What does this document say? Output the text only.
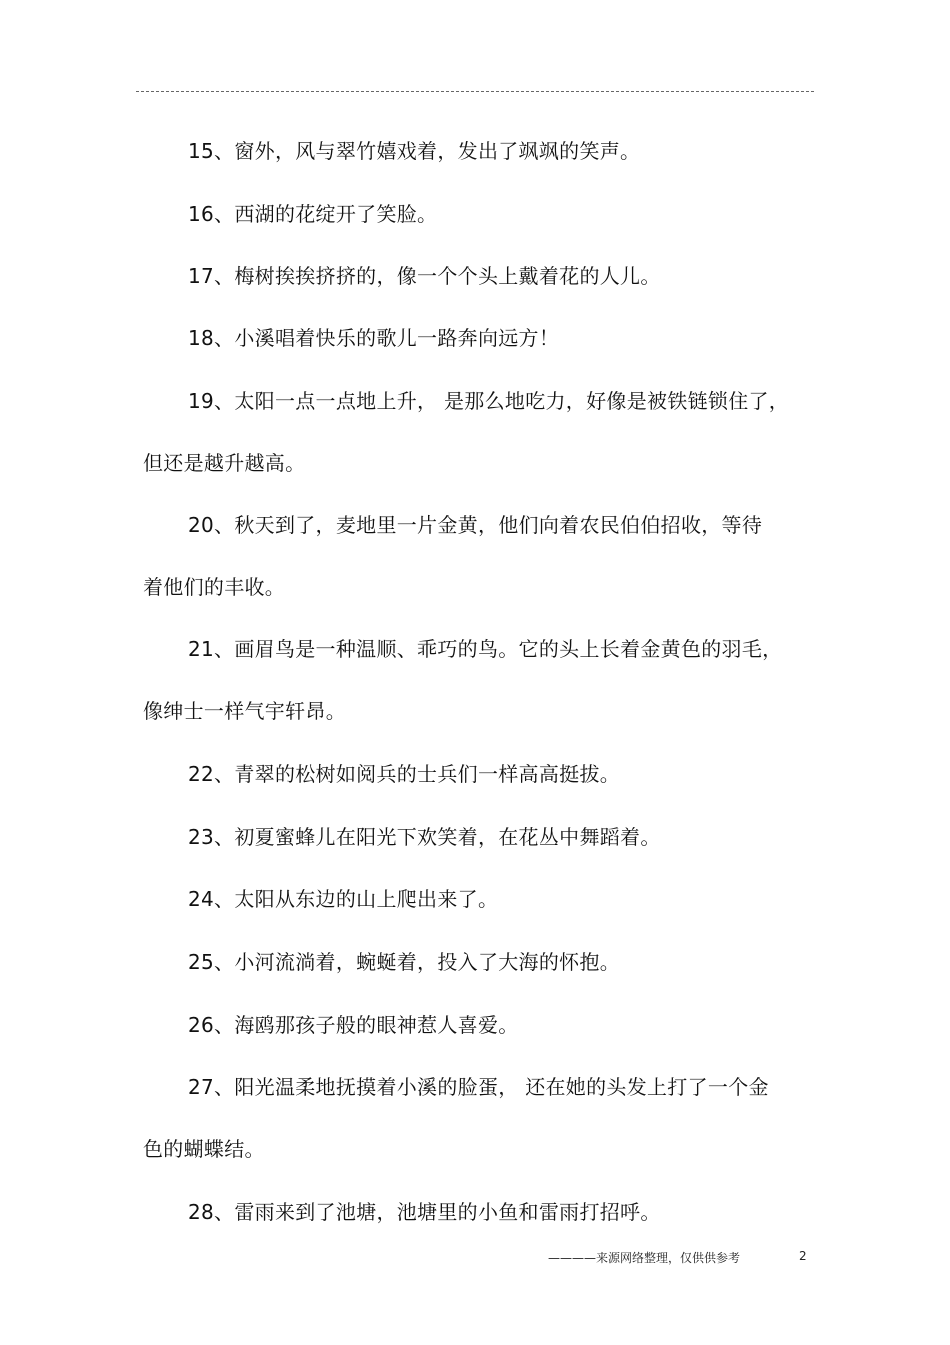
15、窗外，风与翠竹嬉戏着，发出了飒飒的笑声。
16、西湖的花绽开了笑脸。
17、梅树挨挨挤挤的，像一个个头上戴着花的人儿。
18、小溪唱着快乐的歌儿一路奔向远方！
19、太阳一点一点地上升， 是那么地吃力，好像是被铁链锁住了，
但还是越升越高。
20、秋天到了，麦地里一片金黄，他们向着农民伯伯招收，等待
着他们的丰收。
21、画眉鸟是一种温顺、乖巧的鸟。它的头上长着金黄色的羽毛，
像绅士一样气宇轩昂。
22、青翠的松树如阅兵的士兵们一样高高挺拔。
23、初夏蜜蜂儿在阳光下欢笑着，在花丛中舞蹈着。
24、太阳从东边的山上爬出来了。
25、小河流淌着，蜿蜒着，投入了大海的怀抱。
26、海鸥那孩子般的眼神惹人喜爱。
27、阳光温柔地抚摸着小溪的脸蛋， 还在她的头发上打了一个金
色的蝴蝶结。
28、雷雨来到了池塘，池塘里的小鱼和雷雨打招呼。
————来源网络整理，仅供供参考	2
